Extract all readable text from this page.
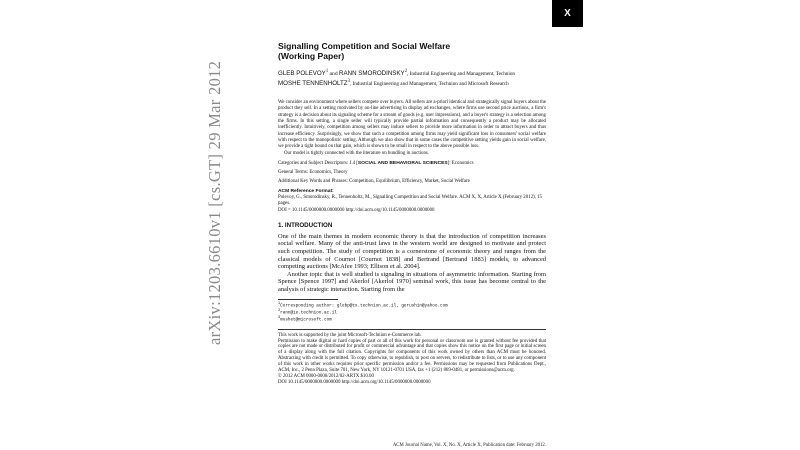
Signalling Competition and Social Welfare
(Working Paper)
GLEB POLEVOY$^1$ and RANN SMORODINSKY$^2$, Industrial Engineering and Management, Technion
MOSHE TENNENHOLTZ$^3$, Industrial Engineering and Management, Technion and Microsoft Research

We consider an environment where sellers compete over buyers. All sellers are a-priori identical and strategically signal buyers about the product they sell. In a setting motivated by on-line advertising in display ad exchanges, where firms use second price auctions, a firm's strategy is a decision about its signaling scheme for a stream of goods (e.g. user impressions), and a buyer's strategy is a selection among the firms. In this setting, a single seller will typically provide partial information and consequently a product may be allocated inefficiently. Intuitively, competition among sellers may induce sellers to provide more information in order to attract buyers and thus increase efficiency. Surprisingly, we show that such a competition among firms may yield significant loss in consumers' social welfare with respect to the monopolistic setting. Although we also show that in some cases the competitive setting yields gain in social welfare, we provide a tight bound on that gain, which is shown to be small in respect to the above possible loss.

Our model is tightly connected with the literature on bundling in auctions.

Categories and Subject Descriptors: J.4 [SOCIAL AND BEHAVIORAL SCIENCES]: Economics

General Terms: Economics, Theory

Additional Key Words and Phrases: Competition, Equilibrium, Efficiency, Market, Social Welfare

ACM Reference Format:
Polevoy, G., Smorodinsky, R., Tennenholtz, M., Signalling Competition and Social Welfare. ACM X, X, Article X (February 2012), 15 pages.
DOI = 10.1145/0000000.0000000 http://doi.acm.org/10.1145/0000000.0000000

1. INTRODUCTION

One of the main themes in modern economic theory is that the introduction of competition increases social welfare. Many of the anti-trust laws in the western world are designed to motivate and protect such competition. The study of competition is a cornerstone of economic theory and ranges from the classical models of Cournot [Cournot 1838] and Bertrand [Bertrand 1883] models, to advanced competing auctions [McAfee 1993; Ellison et al. 2004].

Another topic that is well studied is signaling in situations of asymmetric information. Starting from Spence [Spence 1997] and Akerlof [Akerlof 1970] seminal work, this issue has become central to the analysis of strategic interaction. Starting from the

$^1$Corresponding author: glebp@tx.technion.ac.il, gerushin@yahoo.com
$^2$rann@ie.technion.ac.il
$^3$moshet@microsoft.com
This work is supported by the joint Microsoft-Technion e-Commerce lab.
Permission to make digital or hard copies of part or all of this work for personal or classroom use is granted without fee provided that copies are not made or distributed for profit or commercial advantage and that copies show this notice on the first page or initial screen of a display along with the full citation. Copyrights for components of this work owned by others than ACM must be honored. Abstracting with credit is permitted. To copy otherwise, to republish, to post on servers, to redistribute to lists, or to use any component of this work in other works requires prior specific permission and/or a fee. Permissions may be requested from Publications Dept., ACM, Inc., 2 Penn Plaza, Suite 701, New York, NY 10121-0701 USA, fax +1 (212) 869-0481, or permissions@acm.org.
© 2012 ACM 0000-0000/2012/02-ARTX $10.00
DOI 10.1145/0000000.0000000 http://doi.acm.org/10.1145/0000000.0000000
ACM Journal Name, Vol. X, No. X, Article X, Publication date: February 2012.
arXiv:1203.6610v1 [cs.GT] 29 Mar 2012
X
